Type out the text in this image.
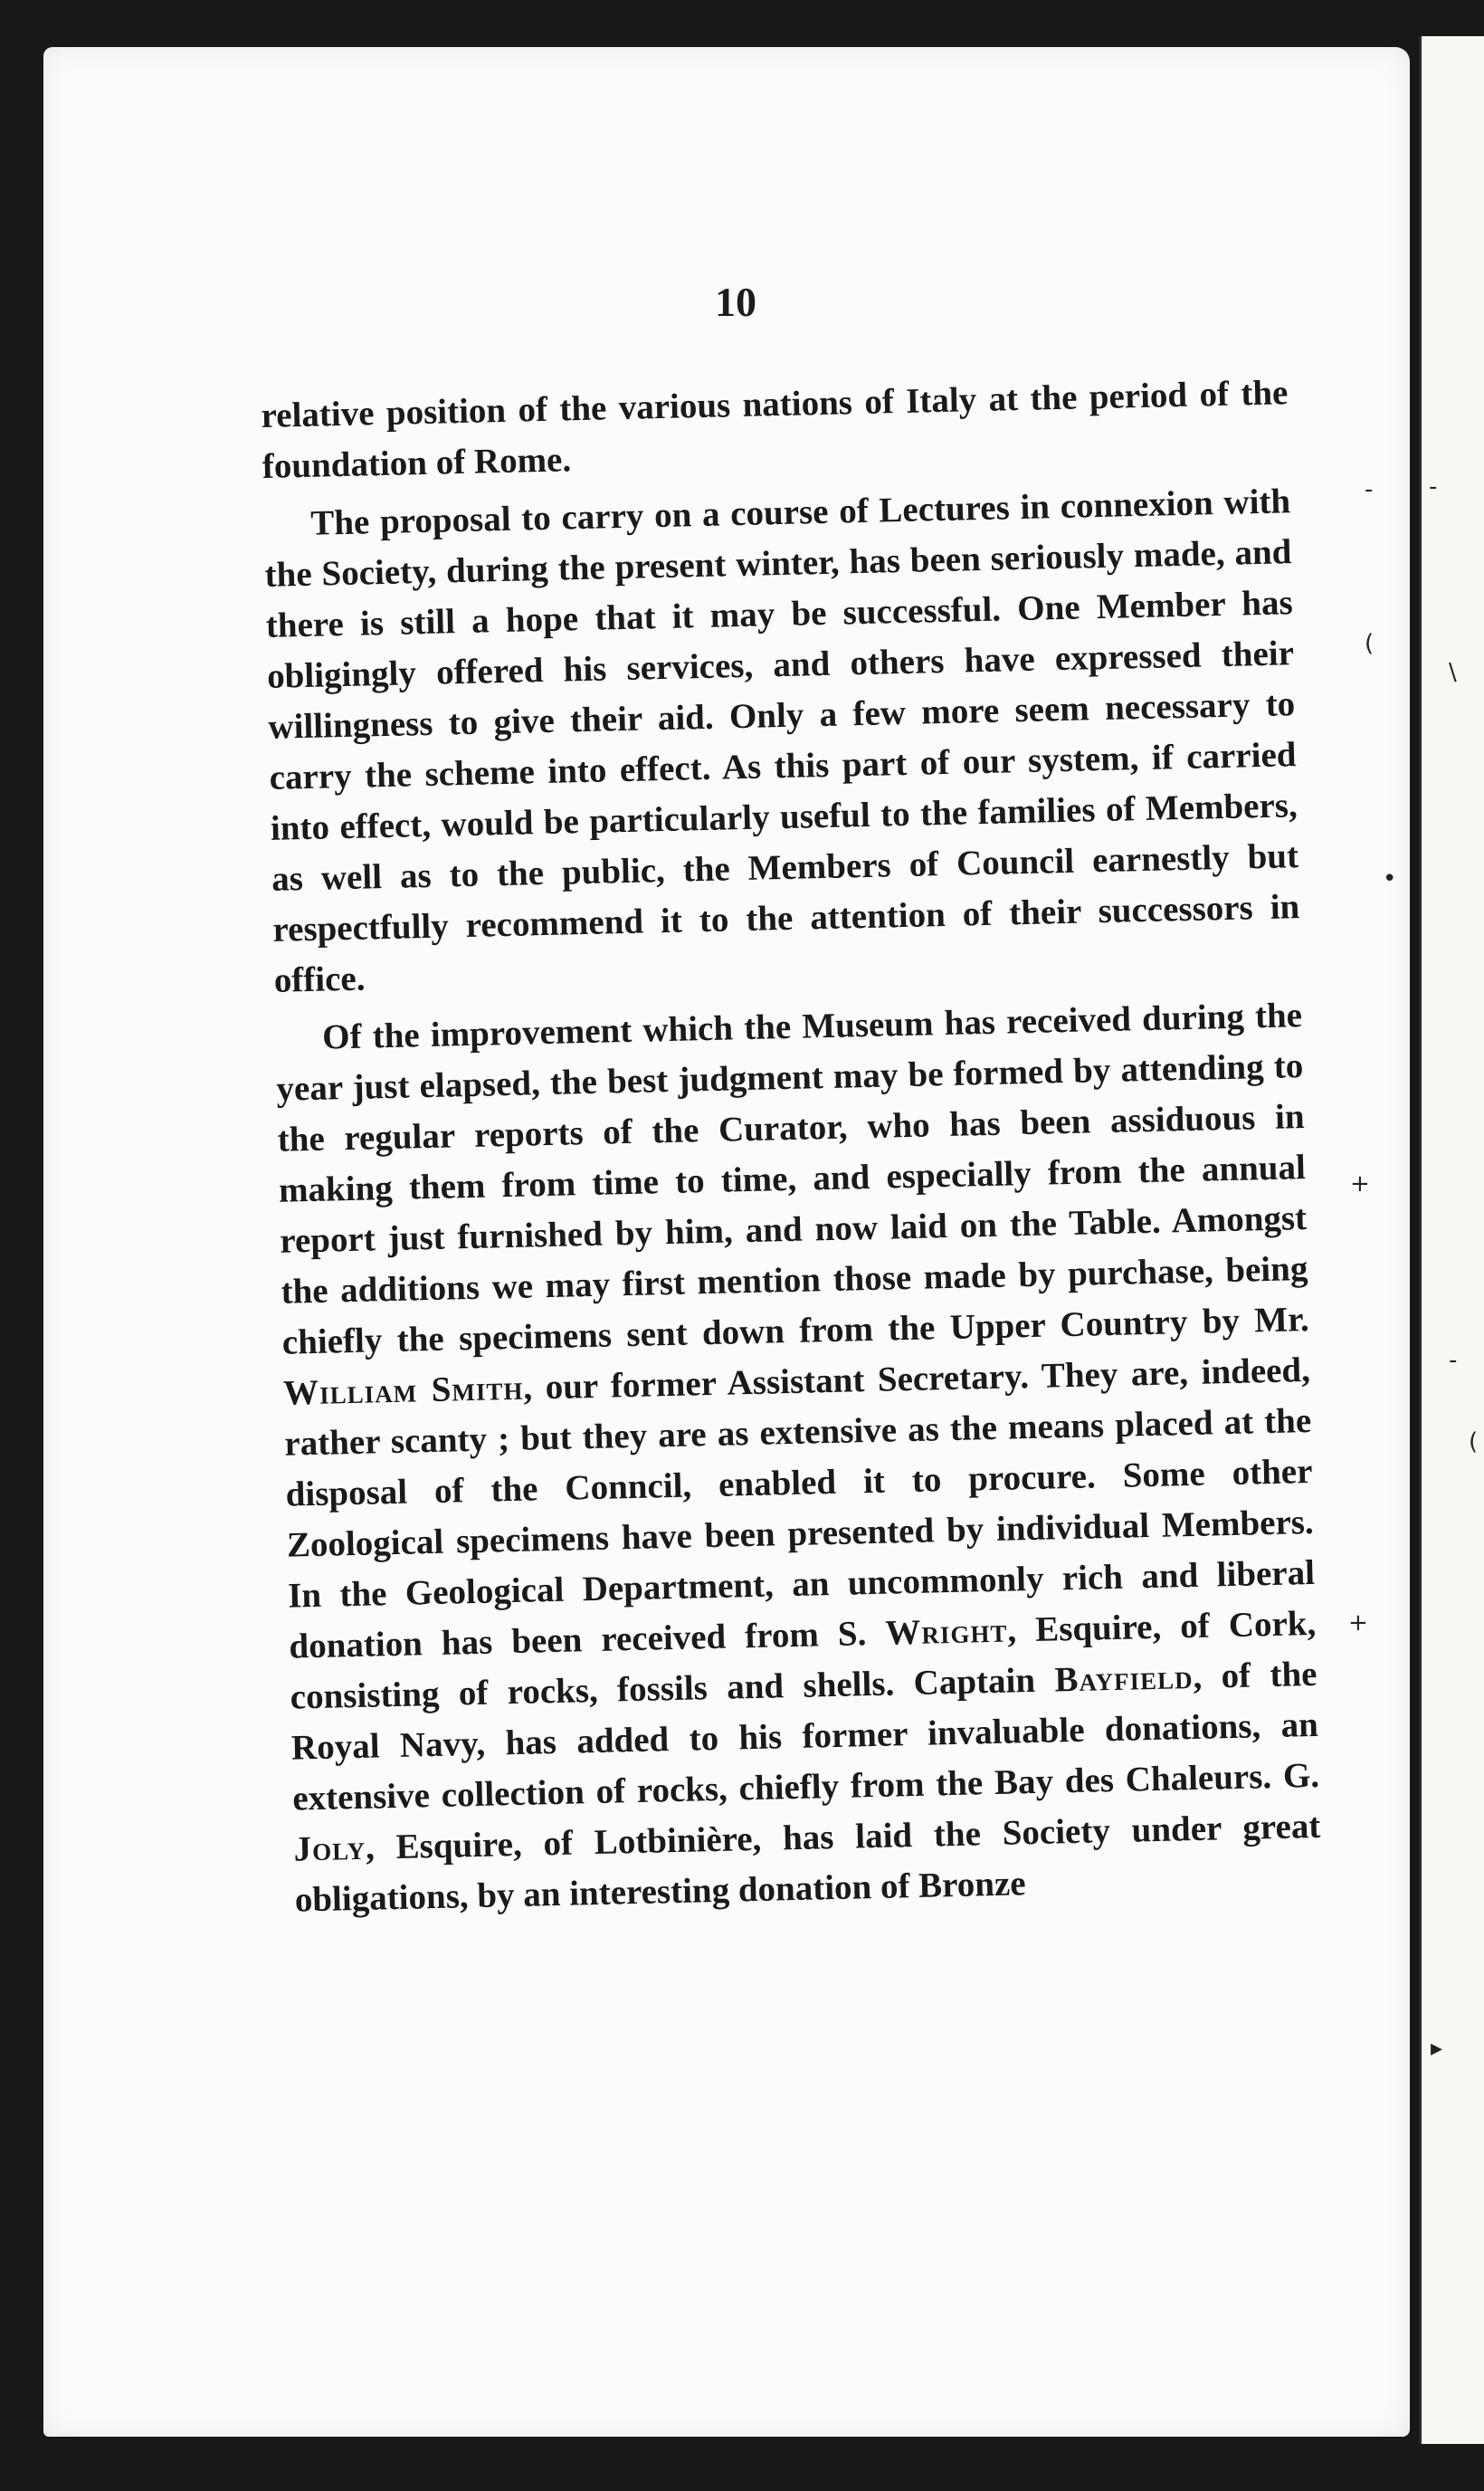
10

relative position of the various nations of Italy at the period of the foundation of Rome.

The proposal to carry on a course of Lectures in connexion with the Society, during the present winter, has been seriously made, and there is still a hope that it may be successful. One Member has obligingly offered his services, and others have expressed their willingness to give their aid. Only a few more seem necessary to carry the scheme into effect. As this part of our system, if carried into effect, would be particularly useful to the families of Members, as well as to the public, the Members of Council earnestly but respectfully recommend it to the attention of their successors in office.

Of the improvement which the Museum has received during the year just elapsed, the best judgment may be formed by attending to the regular reports of the Curator, who has been assiduous in making them from time to time, and especially from the annual report just furnished by him, and now laid on the Table. Amongst the additions we may first mention those made by purchase, being chiefly the specimens sent down from the Upper Country by Mr. William Smith, our former Assistant Secretary. They are, indeed, rather scanty ; but they are as extensive as the means placed at the disposal of the Conncil, enabled it to procure. Some other Zoological specimens have been presented by individual Members. In the Geological Department, an uncommonly rich and liberal donation has been received from S. Wright, Esquire, of Cork, consisting of rocks, fossils and shells. Captain Bayfield, of the Royal Navy, has added to his former invaluable donations, an extensive collection of rocks, chiefly from the Bay des Chaleurs. G. Joly, Esquire, of Lotbinière, has laid the Society under great obligations, by an interesting donation of Bronze

-
\
-
(
▸
-
(
•
+
+
